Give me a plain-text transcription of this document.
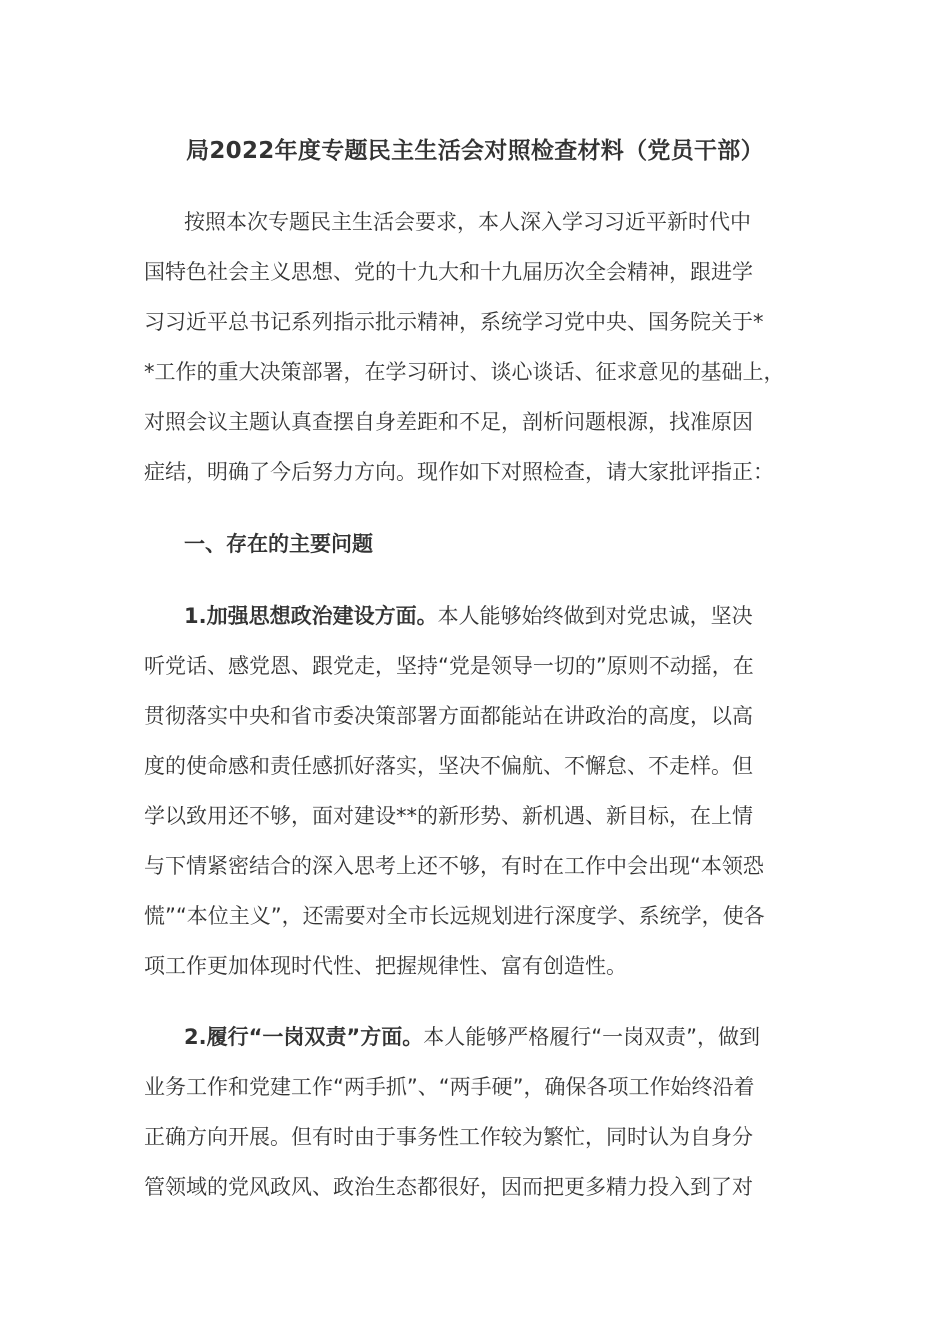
局2022年度专题民主生活会对照检查材料（党员干部）
按照本次专题民主生活会要求，本人深入学习习近平新时代中
国特色社会主义思想、党的十九大和十九届历次全会精神，跟进学
习习近平总书记系列指示批示精神，系统学习党中央、国务院关于*
*工作的重大决策部署，在学习研讨、谈心谈话、征求意见的基础上，
对照会议主题认真查摆自身差距和不足，剖析问题根源，找准原因
症结，明确了今后努力方向。现作如下对照检查，请大家批评指正：
一、存在的主要问题
1.加强思想政治建设方面。本人能够始终做到对党忠诚，坚决
听党话、感党恩、跟党走，坚持“党是领导一切的”原则不动摇，在
贯彻落实中央和省市委决策部署方面都能站在讲政治的高度，以高
度的使命感和责任感抓好落实，坚决不偏航、不懈怠、不走样。但
学以致用还不够，面对建设**的新形势、新机遇、新目标，在上情
与下情紧密结合的深入思考上还不够，有时在工作中会出现“本领恐
慌”“本位主义”，还需要对全市长远规划进行深度学、系统学，使各
项工作更加体现时代性、把握规律性、富有创造性。
2.履行“一岗双责”方面。本人能够严格履行“一岗双责”，做到
业务工作和党建工作“两手抓”、“两手硬”，确保各项工作始终沿着
正确方向开展。但有时由于事务性工作较为繁忙，同时认为自身分
管领域的党风政风、政治生态都很好，因而把更多精力投入到了对
